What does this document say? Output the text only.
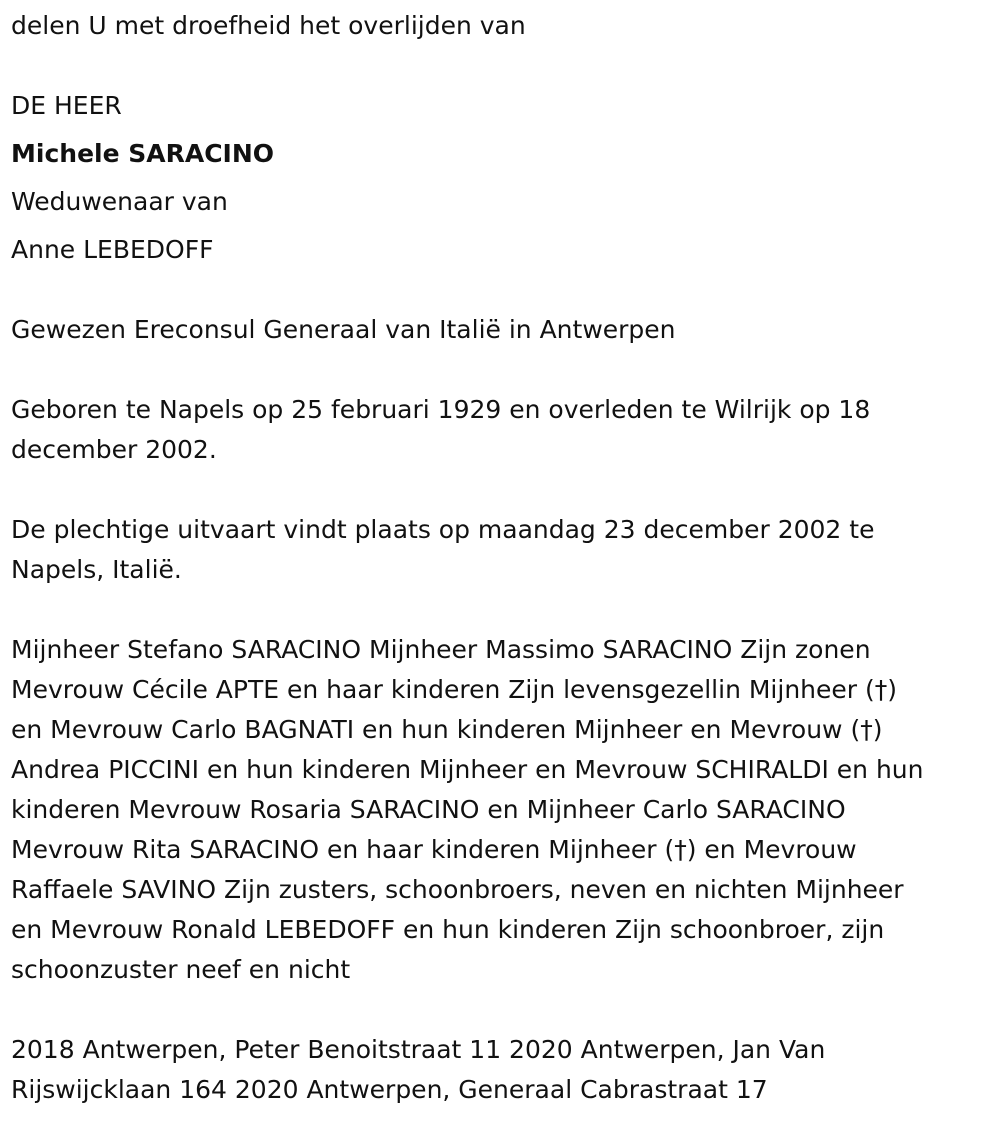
delen U met droefheid het overlijden van

DE HEER

Michele SARACINO

Weduwenaar van

Anne LEBEDOFF

Gewezen Ereconsul Generaal van Italië in Antwerpen

Geboren te Napels op 25 februari 1929 en overleden te Wilrijk op 18

december 2002.

De plechtige uitvaart vindt plaats op maandag 23 december 2002 te

Napels, Italië.

Mijnheer Stefano SARACINO Mijnheer Massimo SARACINO Zijn zonen

Mevrouw Cécile APTE en haar kinderen Zijn levensgezellin Mijnheer (†)

en Mevrouw Carlo BAGNATI en hun kinderen Mijnheer en Mevrouw (†)

Andrea PICCINI en hun kinderen Mijnheer en Mevrouw SCHIRALDI en hun

kinderen Mevrouw Rosaria SARACINO en Mijnheer Carlo SARACINO

Mevrouw Rita SARACINO en haar kinderen Mijnheer (†) en Mevrouw

Raffaele SAVINO Zijn zusters, schoonbroers, neven en nichten Mijnheer

en Mevrouw Ronald LEBEDOFF en hun kinderen Zijn schoonbroer, zijn

schoonzuster neef en nicht

2018 Antwerpen, Peter Benoitstraat 11 2020 Antwerpen, Jan Van

Rijswijcklaan 164 2020 Antwerpen, Generaal Cabrastraat 17
